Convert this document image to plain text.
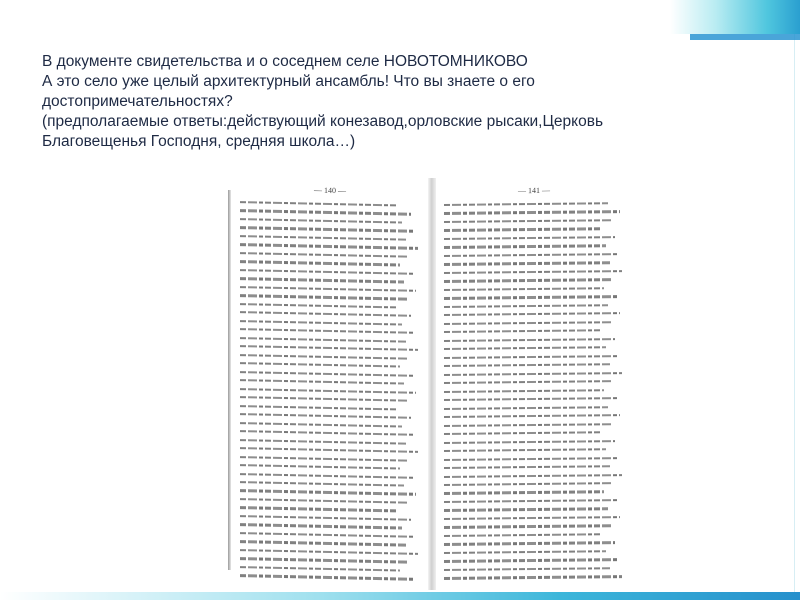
В документе свидетельства и о соседнем селе НОВОТОМНИКОВО
А это село уже целый архитектурный ансамбль! Что вы знаете о его
достопримечательностях?
(предполагаемые ответы:действующий конезавод,орловские рысаки,Церковь
Благовещенья Господня, средняя школа…)
— 140 —	— 141 —
